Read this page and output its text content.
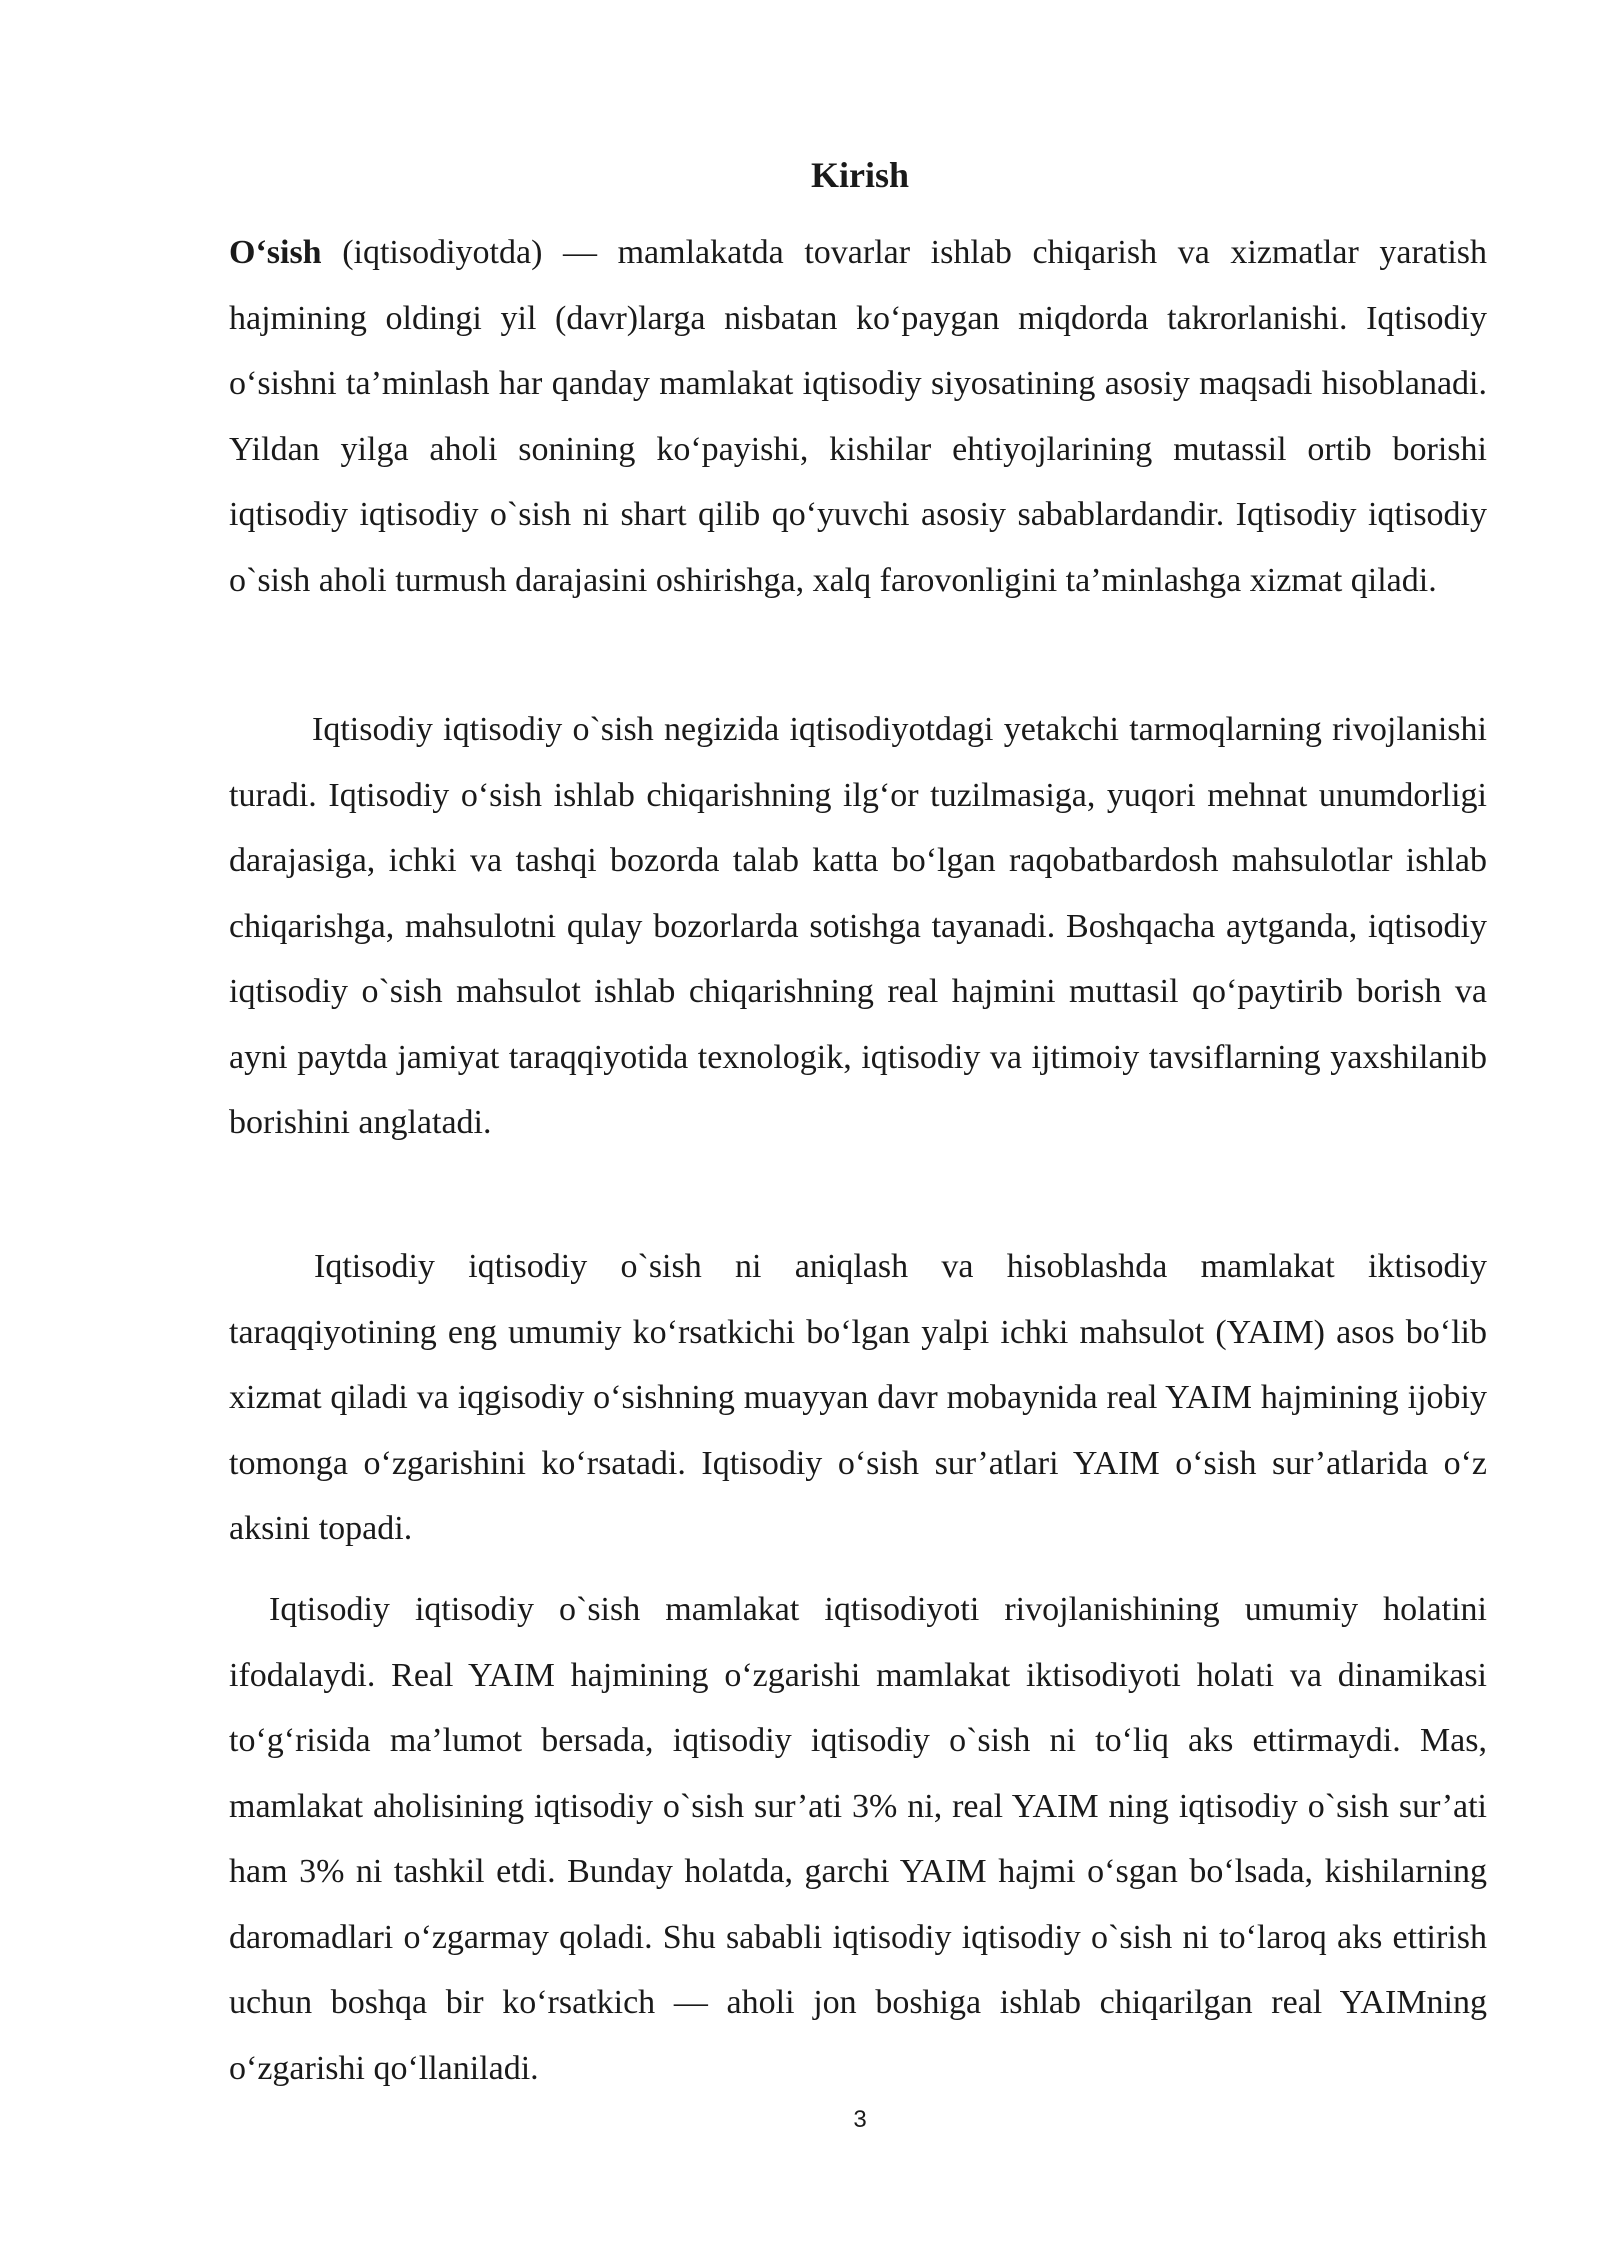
Kirish

O‘sish (iqtisodiyotda) — mamlakatda tovarlar ishlab chiqarish va xizmatlar yaratish hajmining oldingi yil (davr)larga nisbatan ko‘paygan miqdorda takrorlanishi. Iqtisodiy o‘sishni ta’minlash har qanday mamlakat iqtisodiy siyosatining asosiy maqsadi hisoblanadi. Yildan yilga aholi sonining ko‘payishi, kishilar ehtiyojlarining mutassil ortib borishi iqtisodiy iqtisodiy o`sish ni shart qilib qo‘yuvchi asosiy sabablardandir. Iqtisodiy iqtisodiy o`sish aholi turmush darajasini oshirishga, xalq farovonligini ta’minlashga xizmat qiladi.

Iqtisodiy iqtisodiy o`sish negizida iqtisodiyotdagi yetakchi tarmoqlarning rivojlanishi turadi. Iqtisodiy o‘sish ishlab chiqarishning ilg‘or tuzilmasiga, yuqori mehnat unumdorligi darajasiga, ichki va tashqi bozorda talab katta bo‘lgan raqobatbardosh mahsulotlar ishlab chiqarishga, mahsulotni qulay bozorlarda sotishga tayanadi. Boshqacha aytganda, iqtisodiy iqtisodiy o`sish mahsulot ishlab chiqarishning real hajmini muttasil qo‘paytirib borish va ayni paytda jamiyat taraqqiyotida texnologik, iqtisodiy va ijtimoiy tavsiflarning yaxshilanib borishini anglatadi.

Iqtisodiy iqtisodiy o`sish ni aniqlash va hisoblashda mamlakat iktisodiy taraqqiyotining eng umumiy ko‘rsatkichi bo‘lgan yalpi ichki mahsulot (YAIM) asos bo‘lib xizmat qiladi va iqgisodiy o‘sishning muayyan davr mobaynida real YAIM hajmining ijobiy tomonga o‘zgarishini ko‘rsatadi. Iqtisodiy o‘sish sur’atlari YAIM o‘sish sur’atlarida o‘z aksini topadi.

Iqtisodiy iqtisodiy o`sish mamlakat iqtisodiyoti rivojlanishining umumiy holatini ifodalaydi. Real YAIM hajmining o‘zgarishi mamlakat iktisodiyoti holati va dinamikasi to‘g‘risida ma’lumot bersada, iqtisodiy iqtisodiy o`sish ni to‘liq aks ettirmaydi. Mas, mamlakat aholisining iqtisodiy o`sish sur’ati 3% ni, real YAIM ning iqtisodiy o`sish sur’ati ham 3% ni tashkil etdi. Bunday holatda, garchi YAIM hajmi o‘sgan bo‘lsada, kishilarning daromadlari o‘zgarmay qoladi. Shu sababli iqtisodiy iqtisodiy o`sish ni to‘laroq aks ettirish uchun boshqa bir ko‘rsatkich — aholi jon boshiga ishlab chiqarilgan real YAIMning o‘zgarishi qo‘llaniladi.

3
